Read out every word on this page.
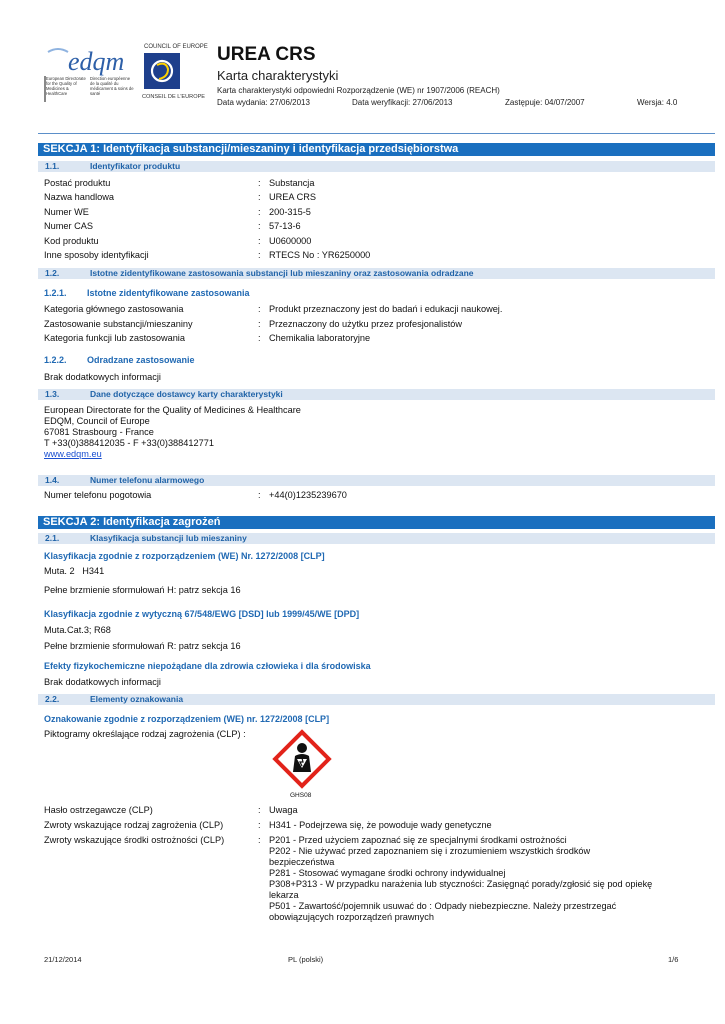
edqm
European Directorate for the Quality of Medicines & HealthCare
Direction européenne de la qualité du médicament & soins de santé
COUNCIL OF EUROPE
CONSEIL DE L'EUROPE
UREA CRS
Karta charakterystyki
Karta charakterystyki odpowiedni Rozporządzenie (WE) nr 1907/2006 (REACH)
Data wydania: 27/06/2013	Data weryfikacji: 27/06/2013	Zastępuje: 04/07/2007	Wersja: 4.0
SEKCJA 1: Identyfikacja substancji/mieszaniny i identyfikacja przedsiębiorstwa
1.1.	Identyfikator produktu
Postać produktu	: Substancja
Nazwa handlowa	: UREA CRS
Numer WE	: 200-315-5
Numer CAS	: 57-13-6
Kod produktu	: U0600000
Inne sposoby identyfikacji	: RTECS No : YR6250000
1.2.	Istotne zidentyfikowane zastosowania substancji lub mieszaniny oraz zastosowania odradzane
1.2.1. Istotne zidentyfikowane zastosowania
Kategoria głównego zastosowania	: Produkt przeznaczony jest do badań i edukacji naukowej.
Zastosowanie substancji/mieszaniny	: Przeznaczony do użytku przez profesjonalistów
Kategoria funkcji lub zastosowania	: Chemikalia laboratoryjne
1.2.2. Odradzane zastosowanie
Brak dodatkowych informacji
1.3.	Dane dotyczące dostawcy karty charakterystyki
European Directorate for the Quality of Medicines & Healthcare
EDQM, Council of Europe
67081 Strasbourg - France
T +33(0)388412035 - F +33(0)388412771
www.edqm.eu
1.4.	Numer telefonu alarmowego
Numer telefonu pogotowia	: +44(0)1235239670
SEKCJA 2: Identyfikacja zagrożeń
2.1.	Klasyfikacja substancji lub mieszaniny
Klasyfikacja zgodnie z rozporządzeniem (WE) Nr. 1272/2008 [CLP]
Muta. 2   H341
Pełne brzmienie sformułowań H: patrz sekcja 16
Klasyfikacja zgodnie z wytyczną 67/548/EWG [DSD] lub 1999/45/WE [DPD]
Muta.Cat.3; R68
Pełne brzmienie sformułowań R: patrz sekcja 16
Efekty fizykochemiczne niepożądane dla zdrowia człowieka i dla środowiska
Brak dodatkowych informacji
2.2.	Elementy oznakowania
Oznakowanie zgodnie z rozporządzeniem (WE) nr. 1272/2008 [CLP]
Piktogramy określające rodzaj zagrożenia (CLP) :
GHS08
Hasło ostrzegawcze (CLP)	: Uwaga
Zwroty wskazujące rodzaj zagrożenia (CLP)	: H341 - Podejrzewa się, że powoduje wady genetyczne
Zwroty wskazujące środki ostrożności (CLP)	: P201 - Przed użyciem zapoznać się ze specjalnymi środkami ostrożności
P202 - Nie używać przed zapoznaniem się i zrozumieniem wszystkich środków
bezpieczeństwa
P281 - Stosować wymagane środki ochrony indywidualnej
P308+P313 - W przypadku narażenia lub styczności: Zasięgnąć porady/zgłosić się pod opiekę
lekarza
P501 - Zawartość/pojemnik usuwać do : Odpady niebezpieczne. Należy przestrzegać
obowiązujących rozporządzeń prawnych
21/12/2014	PL (polski)	1/6
